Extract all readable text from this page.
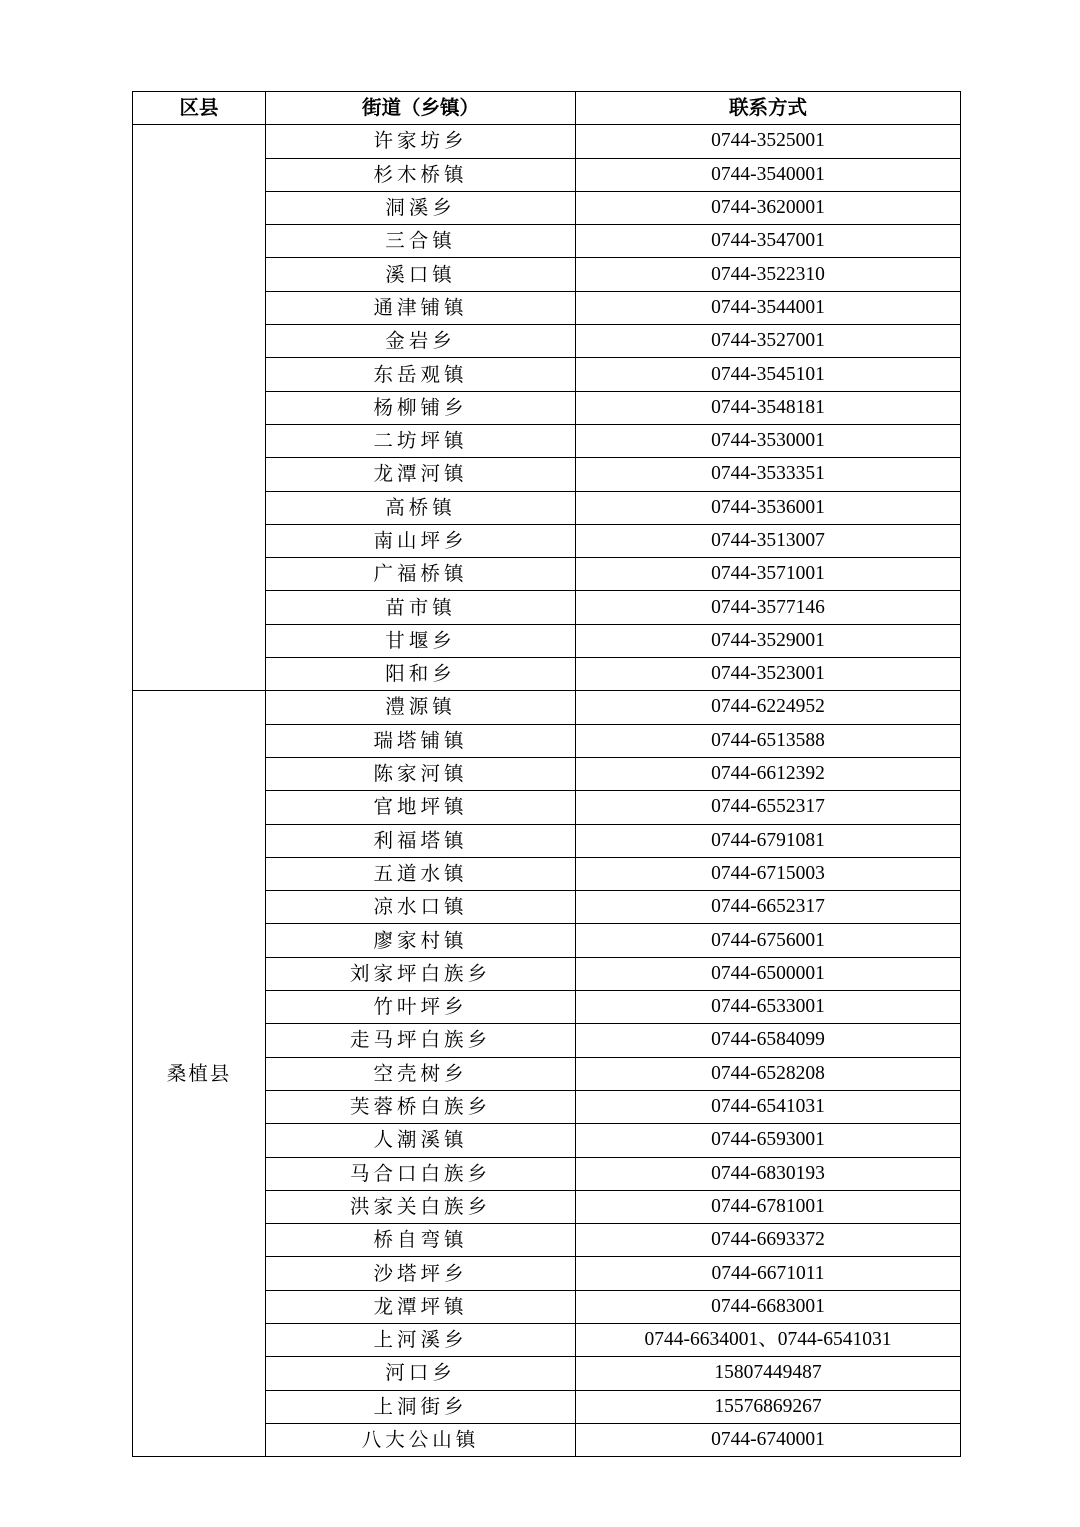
区县	街道（乡镇）	联系方式
	许家坊乡	0744-3525001
	杉木桥镇	0744-3540001
	洞溪乡	0744-3620001
	三合镇	0744-3547001
	溪口镇	0744-3522310
	通津铺镇	0744-3544001
	金岩乡	0744-3527001
	东岳观镇	0744-3545101
	杨柳铺乡	0744-3548181
	二坊坪镇	0744-3530001
	龙潭河镇	0744-3533351
	高桥镇	0744-3536001
	南山坪乡	0744-3513007
	广福桥镇	0744-3571001
	苗市镇	0744-3577146
	甘堰乡	0744-3529001
	阳和乡	0744-3523001
桑植县	澧源镇	0744-6224952
	瑞塔铺镇	0744-6513588
	陈家河镇	0744-6612392
	官地坪镇	0744-6552317
	利福塔镇	0744-6791081
	五道水镇	0744-6715003
	凉水口镇	0744-6652317
	廖家村镇	0744-6756001
	刘家坪白族乡	0744-6500001
	竹叶坪乡	0744-6533001
	走马坪白族乡	0744-6584099
	空壳树乡	0744-6528208
	芙蓉桥白族乡	0744-6541031
	人潮溪镇	0744-6593001
	马合口白族乡	0744-6830193
	洪家关白族乡	0744-6781001
	桥自弯镇	0744-6693372
	沙塔坪乡	0744-6671011
	龙潭坪镇	0744-6683001
	上河溪乡	0744-6634001、0744-6541031
	河口乡	15807449487
	上洞街乡	15576869267
	八大公山镇	0744-6740001
